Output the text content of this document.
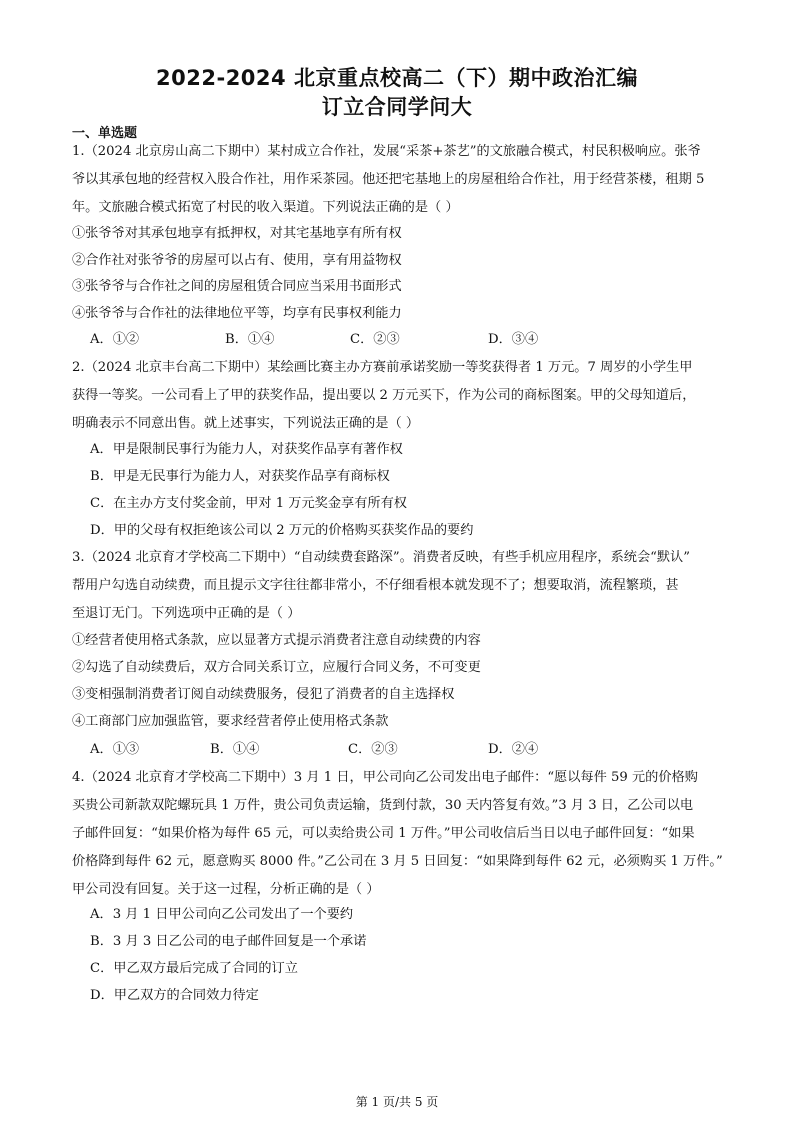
2022-2024 北京重点校高二（下）期中政治汇编
订立合同学问大
一、单选题
1.（2024 北京房山高二下期中）某村成立合作社，发展“采茶+茶艺”的文旅融合模式，村民积极响应。张爷
爷以其承包地的经营权入股合作社，用作采茶园。他还把宅基地上的房屋租给合作社，用于经营茶楼，租期 5
年。文旅融合模式拓宽了村民的收入渠道。下列说法正确的是（ ）
①张爷爷对其承包地享有抵押权，对其宅基地享有所有权
②合作社对张爷爷的房屋可以占有、使用，享有用益物权
③张爷爷与合作社之间的房屋租赁合同应当采用书面形式
④张爷爷与合作社的法律地位平等，均享有民事权利能力
A．①②	B．①④	C．②③	D．③④
2.（2024 北京丰台高二下期中）某绘画比赛主办方赛前承诺奖励一等奖获得者 1 万元。7 周岁的小学生甲
获得一等奖。一公司看上了甲的获奖作品，提出要以 2 万元买下，作为公司的商标图案。甲的父母知道后，
明确表示不同意出售。就上述事实，下列说法正确的是（ ）
A．甲是限制民事行为能力人，对获奖作品享有著作权
B．甲是无民事行为能力人，对获奖作品享有商标权
C．在主办方支付奖金前，甲对 1 万元奖金享有所有权
D．甲的父母有权拒绝该公司以 2 万元的价格购买获奖作品的要约
3.（2024 北京育才学校高二下期中）“自动续费套路深”。消费者反映，有些手机应用程序，系统会“默认”
帮用户勾选自动续费，而且提示文字往往都非常小，不仔细看根本就发现不了；想要取消，流程繁琐，甚
至退订无门。下列选项中正确的是（ ）
①经营者使用格式条款，应以显著方式提示消费者注意自动续费的内容
②勾选了自动续费后，双方合同关系订立，应履行合同义务，不可变更
③变相强制消费者订阅自动续费服务，侵犯了消费者的自主选择权
④工商部门应加强监管，要求经营者停止使用格式条款
A．①③	B．①④	C．②③	D．②④
4.（2024 北京育才学校高二下期中）3 月 1 日，甲公司向乙公司发出电子邮件：“愿以每件 59 元的价格购
买贵公司新款双陀螺玩具 1 万件，贵公司负责运输，货到付款，30 天内答复有效。”3 月 3 日，乙公司以电
子邮件回复：“如果价格为每件 65 元，可以卖给贵公司 1 万件。”甲公司收信后当日以电子邮件回复：“如果
价格降到每件 62 元，愿意购买 8000 件。”乙公司在 3 月 5 日回复：“如果降到每件 62 元，必须购买 1 万件。”
甲公司没有回复。关于这一过程，分析正确的是（ ）
A．3 月 1 日甲公司向乙公司发出了一个要约
B．3 月 3 日乙公司的电子邮件回复是一个承诺
C．甲乙双方最后完成了合同的订立
D．甲乙双方的合同效力待定
第 1 页/共 5 页
